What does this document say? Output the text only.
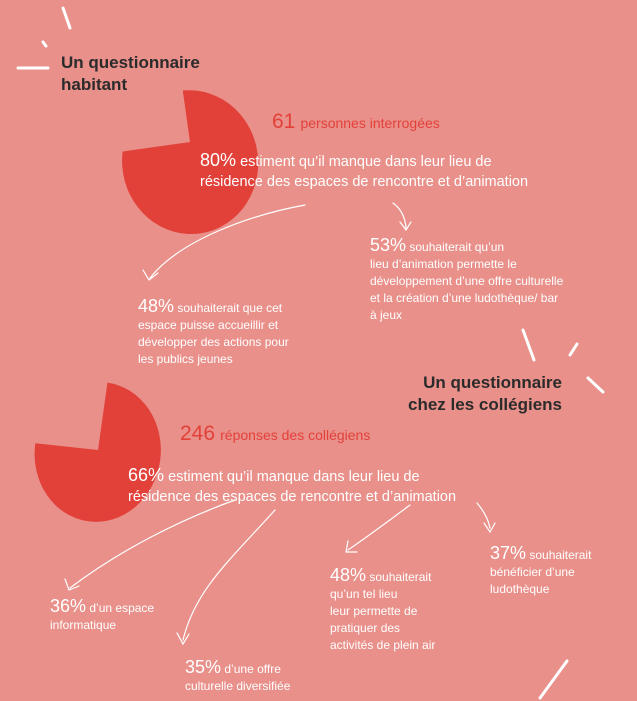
Un questionnaire
habitant
61 personnes interrogées
80% estiment qu’il manque dans leur lieu de
résidence des espaces de rencontre et d’animation
48% souhaiterait que cet
espace puisse accueillir et
développer des actions pour
les publics jeunes
53% souhaiterait qu’un
lieu d’animation permette le
développement d’une offre culturelle
et la création d’une ludothèque/ bar
à jeux
Un questionnaire
chez les collégiens
246 réponses des collégiens
66% estiment qu’il manque dans leur lieu de
résidence des espaces de rencontre et d’animation
36% d’un espace
informatique
35% d’une offre
culturelle diversifiée
48% souhaiterait
qu’un tel lieu
leur permette de
pratiquer des
activités de plein air
37% souhaiterait
bénéficier d’une
ludothèque
